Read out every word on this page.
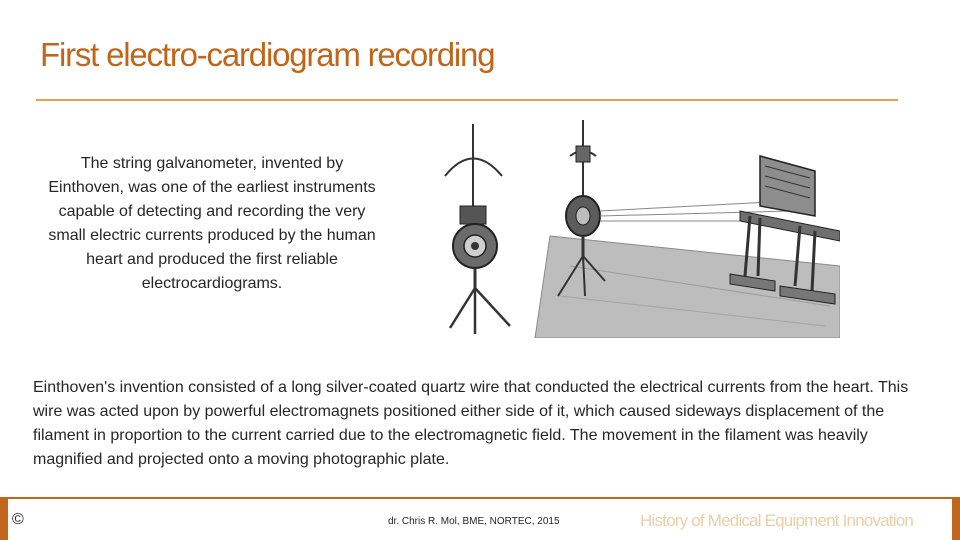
First electro-cardiogram recording
The string galvanometer, invented by Einthoven, was one of the earliest instruments capable of detecting and recording the very small electric currents produced by the human heart and produced the first reliable electrocardiograms.
Einthoven's invention consisted of a long silver-coated quartz wire that conducted the electrical currents from the heart. This wire was acted upon by powerful electromagnets positioned either side of it, which caused sideways displacement of the filament in proportion to the current carried due to the electromagnetic field. The movement in the filament was heavily magnified and projected onto a moving photographic plate.
©	dr. Chris R. Mol, BME, NORTEC, 2015	History of Medical Equipment Innovation
